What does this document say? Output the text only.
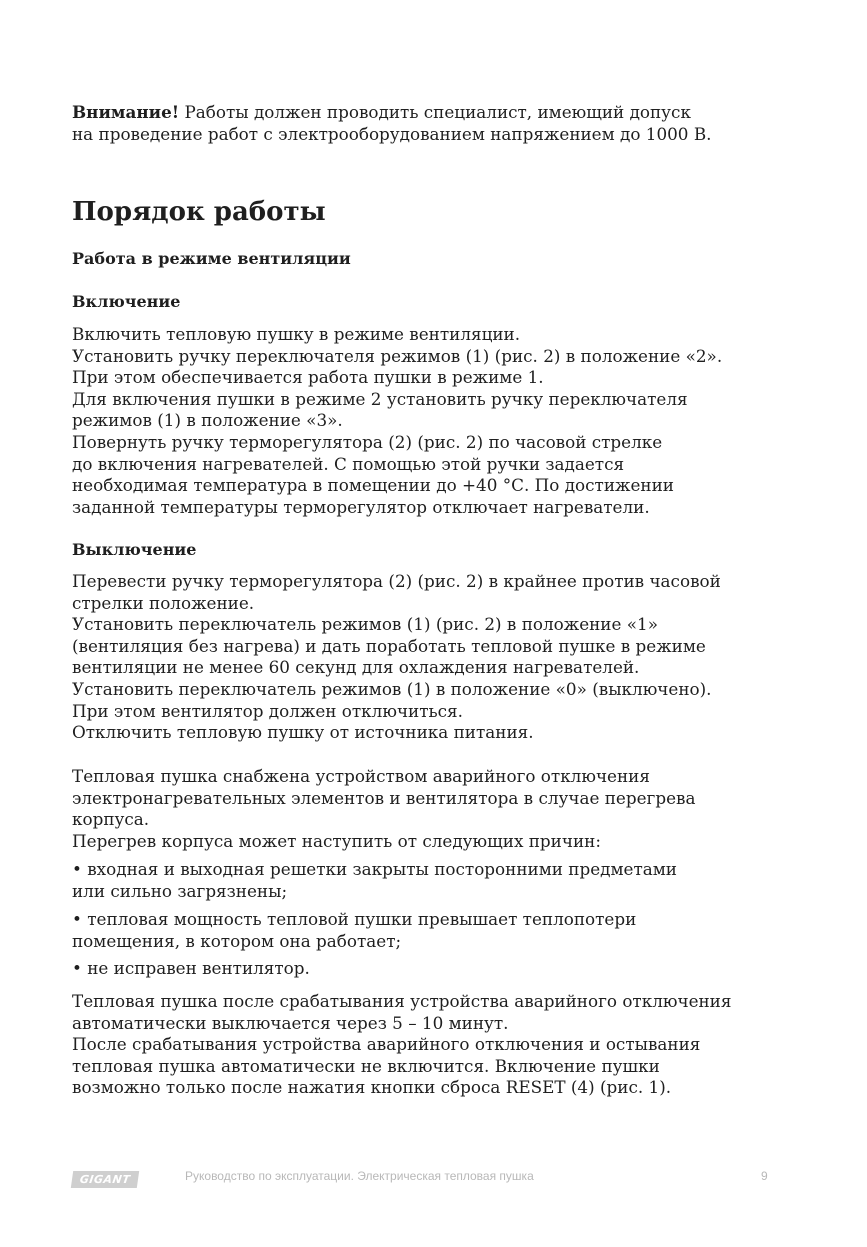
Внимание! Работы должен проводить специалист, имеющий допуск
на проведение работ с электрооборудованием напряжением до 1000 В.

Порядок работы
Работа в режиме вентиляции
Включение

Включить тепловую пушку в режиме вентиляции.
Установить ручку переключателя режимов (1) (рис. 2) в положение «2».
При этом обеспечивается работа пушки в режиме 1.
Для включения пушки в режиме 2 установить ручку переключателя
режимов (1) в положение «3».
Повернуть ручку терморегулятора (2) (рис. 2) по часовой стрелке
до включения нагревателей. С помощью этой ручки задается
необходимая температура в помещении до +40 °С. По достижении
заданной температуры терморегулятор отключает нагреватели.

Выключение

Перевести ручку терморегулятора (2) (рис. 2) в крайнее против часовой
стрелки положение.
Установить переключатель режимов (1) (рис. 2) в положение «1»
(вентиляция без нагрева) и дать поработать тепловой пушке в режиме
вентиляции не менее 60 секунд для охлаждения нагревателей.
Установить переключатель режимов (1) в положение «0» (выключено).
При этом вентилятор должен отключиться.
Отключить тепловую пушку от источника питания.

Тепловая пушка снабжена устройством аварийного отключения
электронагревательных элементов и вентилятора в случае перегрева
корпуса.
Перегрев корпуса может наступить от следующих причин:

• входная и выходная решетки закрыты посторонними предметами
или сильно загрязнены;

• тепловая мощность тепловой пушки превышает теплопотери
помещения, в котором она работает;

• не исправен вентилятор.

Тепловая пушка после срабатывания устройства аварийного отключения
автоматически выключается через 5 – 10 минут.
После срабатывания устройства аварийного отключения и остывания
тепловая пушка автоматически не включится. Включение пушки
возможно только после нажатия кнопки сброса RESET (4) (рис. 1).

GIGANT	Руководство по эксплуатации. Электрическая тепловая пушка	9
